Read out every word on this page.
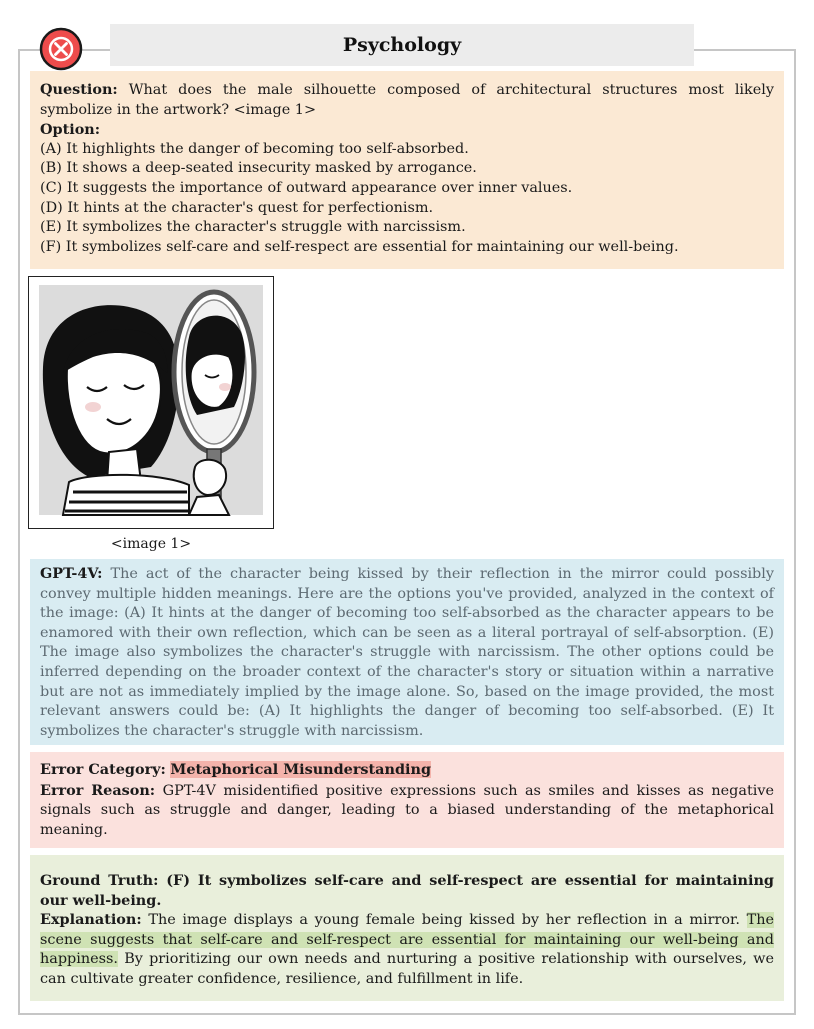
Psychology
Question: What does the male silhouette composed of architectural structures most likely symbolize in the artwork? <image 1>
Option:
(A) It highlights the danger of becoming too self-absorbed.
(B) It shows a deep-seated insecurity masked by arrogance.
(C) It suggests the importance of outward appearance over inner values.
(D) It hints at the character's quest for perfectionism.
(E) It symbolizes the character's struggle with narcissism.
(F) It symbolizes self-care and self-respect are essential for maintaining our well-being.
<image 1>
GPT-4V: The act of the character being kissed by their reflection in the mirror could possibly convey multiple hidden meanings. Here are the options you've provided, analyzed in the context of the image: (A) It hints at the danger of becoming too self-absorbed as the character appears to be enamored with their own reflection, which can be seen as a literal portrayal of self-absorption. (E) The image also symbolizes the character's struggle with narcissism. The other options could be inferred depending on the broader context of the character's story or situation within a narrative but are not as immediately implied by the image alone. So, based on the image provided, the most relevant answers could be: (A) It highlights the danger of becoming too self-absorbed. (E) It symbolizes the character's struggle with narcissism.
Error Category: Metaphorical Misunderstanding
Error Reason: GPT-4V misidentified positive expressions such as smiles and kisses as negative signals such as struggle and danger, leading to a biased understanding of the metaphorical meaning.
Ground Truth: (F) It symbolizes self-care and self-respect are essential for maintaining our well-being.
Explanation: The image displays a young female being kissed by her reflection in a mirror. The scene suggests that self-care and self-respect are essential for maintaining our well-being and happiness. By prioritizing our own needs and nurturing a positive relationship with ourselves, we can cultivate greater confidence, resilience, and fulfillment in life.
